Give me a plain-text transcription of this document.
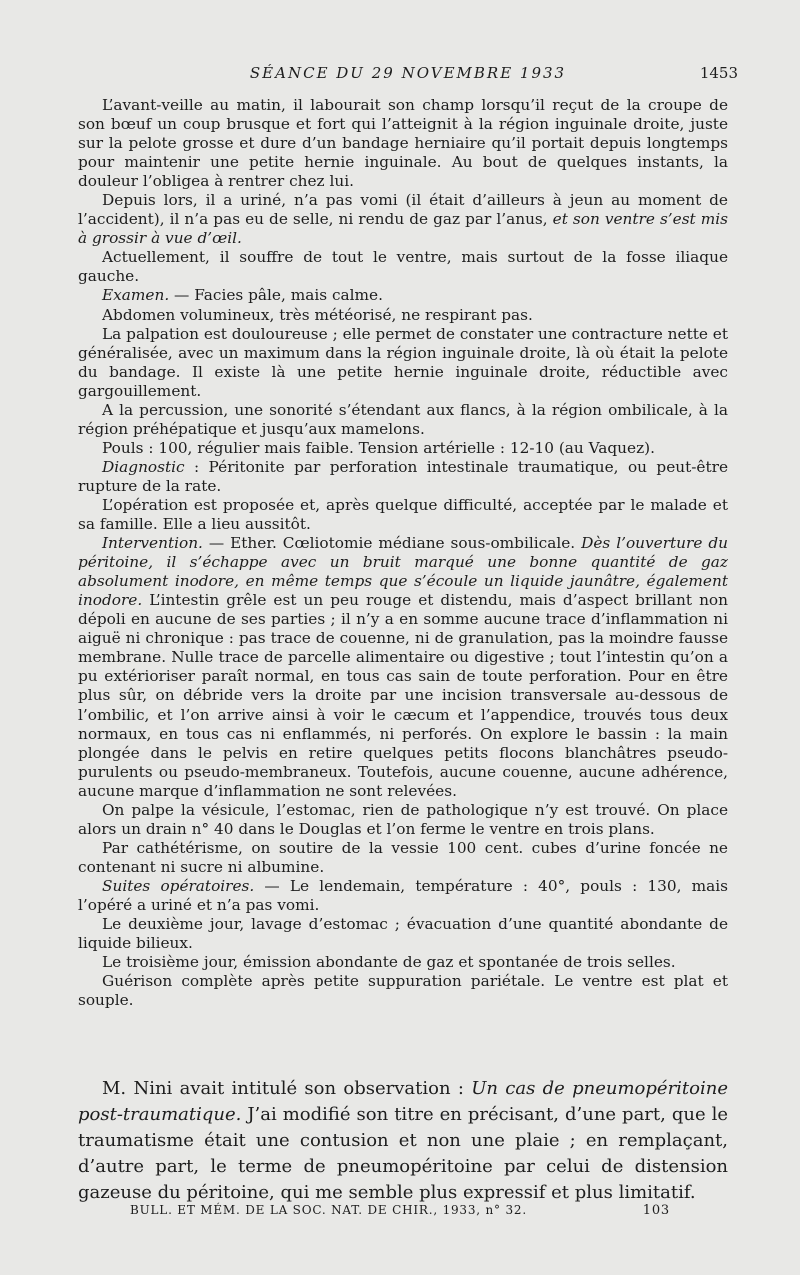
SÉANCE DU 29 NOVEMBRE 1933	1453

L’avant-veille au matin, il labourait son champ lorsqu’il reçut de la croupe de son bœuf un coup brusque et fort qui l’atteignit à la région inguinale droite, juste sur la pelote grosse et dure d’un bandage herniaire qu’il portait depuis longtemps pour maintenir une petite hernie inguinale. Au bout de quelques instants, la douleur l’obligea à rentrer chez lui.

Depuis lors, il a uriné, n’a pas vomi (il était d’ailleurs à jeun au moment de l’accident), il n’a pas eu de selle, ni rendu de gaz par l’anus, et son ventre s’est mis à grossir à vue d’œil.

Actuellement, il souffre de tout le ventre, mais surtout de la fosse iliaque gauche.

Examen. — Facies pâle, mais calme.

Abdomen volumineux, très météorisé, ne respirant pas.

La palpation est douloureuse ; elle permet de constater une contracture nette et généralisée, avec un maximum dans la région inguinale droite, là où était la pelote du bandage. Il existe là une petite hernie inguinale droite, réductible avec gargouillement.

A la percussion, une sonorité s’étendant aux flancs, à la région ombilicale, à la région préhépatique et jusqu’aux mamelons.

Pouls : 100, régulier mais faible. Tension artérielle : 12-10 (au Vaquez).

Diagnostic : Péritonite par perforation intestinale traumatique, ou peut-être rupture de la rate.

L’opération est proposée et, après quelque difficulté, acceptée par le malade et sa famille. Elle a lieu aussitôt.

Intervention. — Ether. Cœliotomie médiane sous-ombilicale. Dès l’ouverture du péritoine, il s’échappe avec un bruit marqué une bonne quantité de gaz absolument inodore, en même temps que s’écoule un liquide jaunâtre, également inodore. L’intestin grêle est un peu rouge et distendu, mais d’aspect brillant non dépoli en aucune de ses parties ; il n’y a en somme aucune trace d’inflammation ni aiguë ni chronique : pas trace de couenne, ni de granulation, pas la moindre fausse membrane. Nulle trace de parcelle alimentaire ou digestive ; tout l’intestin qu’on a pu extérioriser paraît normal, en tous cas sain de toute perforation. Pour en être plus sûr, on débride vers la droite par une incision transversale au-dessous de l’ombilic, et l’on arrive ainsi à voir le cæcum et l’appendice, trouvés tous deux normaux, en tous cas ni enflammés, ni perforés. On explore le bassin : la main plongée dans le pelvis en retire quelques petits flocons blanchâtres pseudo-purulents ou pseudo-membraneux. Toutefois, aucune couenne, aucune adhérence, aucune marque d’inflammation ne sont relevées.

On palpe la vésicule, l’estomac, rien de pathologique n’y est trouvé. On place alors un drain n° 40 dans le Douglas et l’on ferme le ventre en trois plans.

Par cathétérisme, on soutire de la vessie 100 cent. cubes d’urine foncée ne contenant ni sucre ni albumine.

Suites opératoires. — Le lendemain, température : 40°, pouls : 130, mais l’opéré a uriné et n’a pas vomi.

Le deuxième jour, lavage d’estomac ; évacuation d’une quantité abondante de liquide bilieux.

Le troisième jour, émission abondante de gaz et spontanée de trois selles.

Guérison complète après petite suppuration pariétale. Le ventre est plat et souple.

M. Nini avait intitulé son observation : Un cas de pneumopéritoine post-traumatique. J’ai modifié son titre en précisant, d’une part, que le traumatisme était une contusion et non une plaie ; en remplaçant, d’autre part, le terme de pneumopéritoine par celui de distension gazeuse du péritoine, qui me semble plus expressif et plus limitatif.

BULL. ET MÉM. DE LA SOC. NAT. DE CHIR., 1933, n° 32.	103
